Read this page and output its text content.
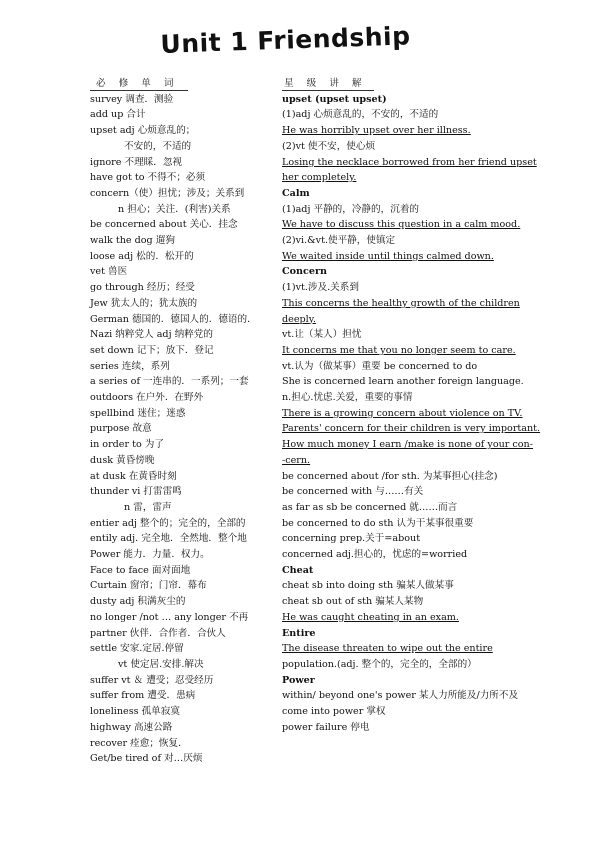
Unit 1 Friendship
必 修 单 词
survey 调查．测验
add up 合计
upset adj 心烦意乱的；
不安的，不适的
ignore 不理睬．忽视
have got to 不得不；必须
concern（使）担忧；涉及；关系到
n 担心；关注．(利害)关系
be concerned about 关心．挂念
walk the dog 遛狗
loose adj 松的．松开的
vet 兽医
go through 经历；经受
Jew 犹太人的；犹太族的
German 德国的．德国人的．德语的．
Nazi 纳粹党人 adj 纳粹党的
set down 记下；放下．登记
series 连续，系列
a series of 一连串的．一系列；一套
outdoors 在户外．在野外
spellbind 迷住；迷惑
purpose 故意
in order to 为了
dusk 黄昏傍晚
at dusk 在黄昏时刻
thunder vi 打雷雷鸣
n 雷，雷声
entier adj 整个的；完全的，全部的
entily adj. 完全地．全然地．整个地
Power 能力．力量．权力。
Face to face 面对面地
Curtain 窗帘；门帘．幕布
dusty adj 积满灰尘的
no longer /not … any longer 不再
partner 伙伴．合作者．合伙人
settle 安家.定居.停留
vt 使定居.安排.解决
suffer vt ＆ 遭受；忍受经历
suffer from 遭受．患病
loneliness 孤单寂寞
highway 高速公路
recover 痊愈；恢复．
Get/be tired of 对…厌烦
星 级 讲 解
upset (upset upset)
(1)adj 心烦意乱的，不安的，不适的
He was horribly upset over her illness.
(2)vt 使不安，使心烦
Losing the necklace borrowed from her friend upset
her completely.
Calm
(1)adj 平静的，冷静的，沉着的
We have to discuss this question in a calm mood.
(2)vi.&vt.使平静，使镇定
We waited inside until things calmed down.
Concern
(1)vt.涉及.关系到
This concerns the healthy growth of the children
deeply.
vt.让（某人）担忧
It concerns me that you no longer seem to care.
vt.认为（做某事）重要 be concerned to do
She is concerned learn another foreign language.
n.担心.忧虑.关爱，重要的事情
There is a growing concern about violence on TV.
Parents' concern for their children is very important.
How much money I earn /make is none of your con-
-cern.
be concerned about /for sth. 为某事担心(挂念)
be concerned with 与……有关
as far as sb be concerned 就……而言
be concerned to do sth 认为干某事很重要
concerning prep.关于=about
concerned adj.担心的，忧虑的=worried
Cheat
cheat sb into doing sth 骗某人做某事
cheat sb out of sth 骗某人某物
He was caught cheating in an exam.
Entire
The disease threaten to wipe out the entire
population.(adj. 整个的，完全的，全部的）
Power
within/ beyond one's power 某人力所能及/力所不及
come into power 掌权
power failure 停电
